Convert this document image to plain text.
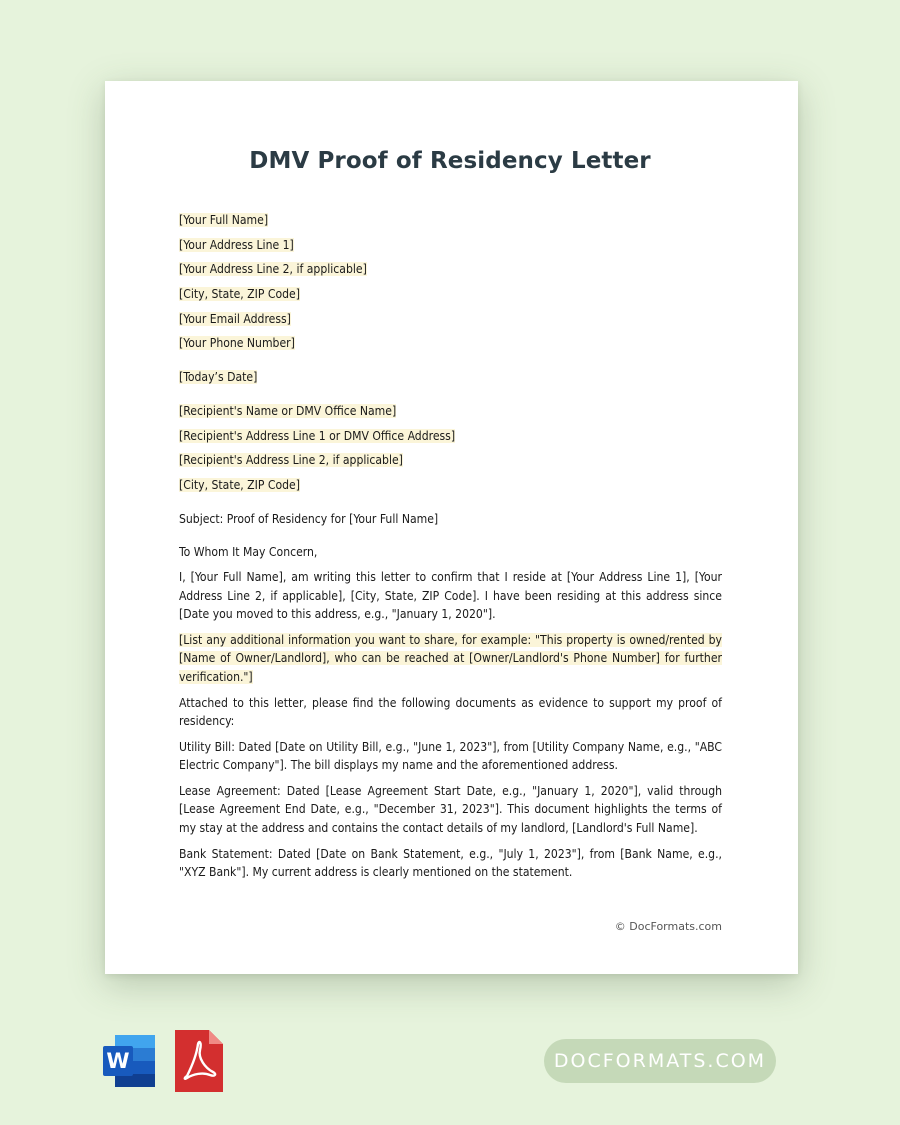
DMV Proof of Residency Letter
[Your Full Name]
[Your Address Line 1]
[Your Address Line 2, if applicable]
[City, State, ZIP Code]
[Your Email Address]
[Your Phone Number]
[Today’s Date]
[Recipient's Name or DMV Office Name]
[Recipient's Address Line 1 or DMV Office Address]
[Recipient's Address Line 2, if applicable]
[City, State, ZIP Code]
Subject: Proof of Residency for [Your Full Name]
To Whom It May Concern,

I, [Your Full Name], am writing this letter to confirm that I reside at [Your Address Line 1], [Your Address Line 2, if applicable], [City, State, ZIP Code]. I have been residing at this address since [Date you moved to this address, e.g., "January 1, 2020"].

[List any additional information you want to share, for example: "This property is owned/rented by [Name of Owner/Landlord], who can be reached at [Owner/Landlord's Phone Number] for further verification."]

Attached to this letter, please find the following documents as evidence to support my proof of residency:

Utility Bill: Dated [Date on Utility Bill, e.g., "June 1, 2023"], from [Utility Company Name, e.g., "ABC Electric Company"]. The bill displays my name and the aforementioned address.

Lease Agreement: Dated [Lease Agreement Start Date, e.g., "January 1, 2020"], valid through [Lease Agreement End Date, e.g., "December 31, 2023"]. This document highlights the terms of my stay at the address and contains the contact details of my landlord, [Landlord's Full Name].

Bank Statement: Dated [Date on Bank Statement, e.g., "July 1, 2023"], from [Bank Name, e.g., "XYZ Bank"]. My current address is clearly mentioned on the statement.

© DocFormats.com
W	DOCFORMATS.COM
